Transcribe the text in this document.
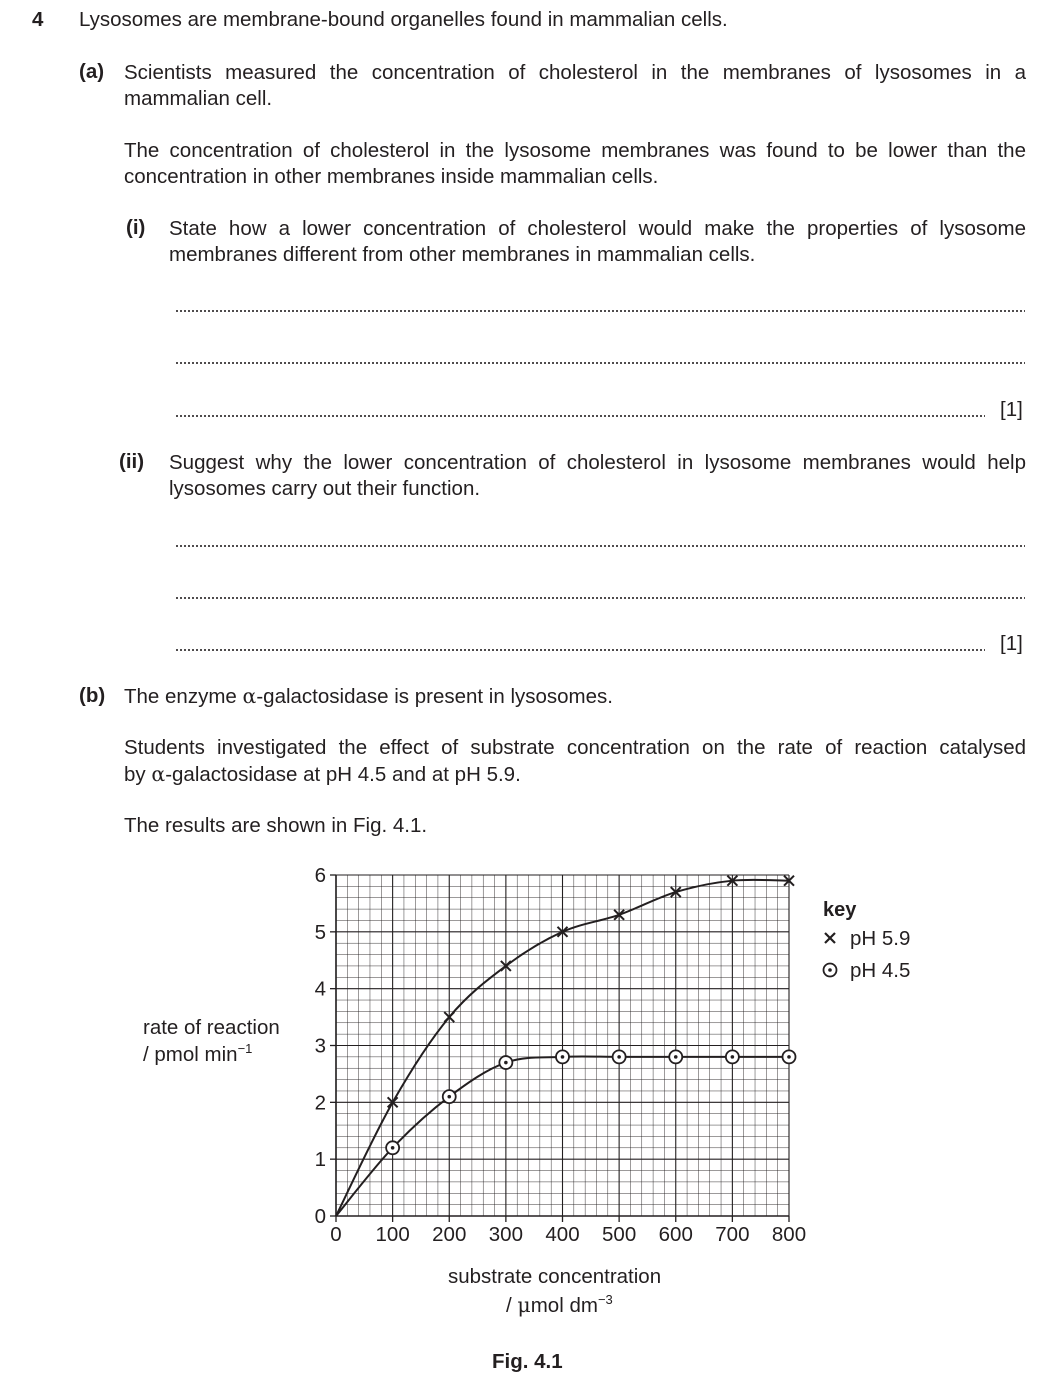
4 Lysosomes are membrane-bound organelles found in mammalian cells.
(a) Scientists measured the concentration of cholesterol in the membranes of lysosomes in a mammalian cell.
The concentration of cholesterol in the lysosome membranes was found to be lower than the concentration in other membranes inside mammalian cells.
(i) State how a lower concentration of cholesterol would make the properties of lysosome membranes different from other membranes in mammalian cells.
[1]
(ii) Suggest why the lower concentration of cholesterol in lysosome membranes would help lysosomes carry out their function.
[1]
(b) The enzyme α-galactosidase is present in lysosomes.
Students investigated the effect of substrate concentration on the rate of reaction catalysed
by α-galactosidase at pH 4.5 and at pH 5.9.
The results are shown in Fig. 4.1.
rate of reaction
/ pmol $\min^{-1}$
0 100 200 300 400 500 600 700 800
0
1
2
3
4
5
6
key
pH 5.9
pH 4.5
substrate concentration
/ μmol $dm^{-3}$
Fig. 4.1
